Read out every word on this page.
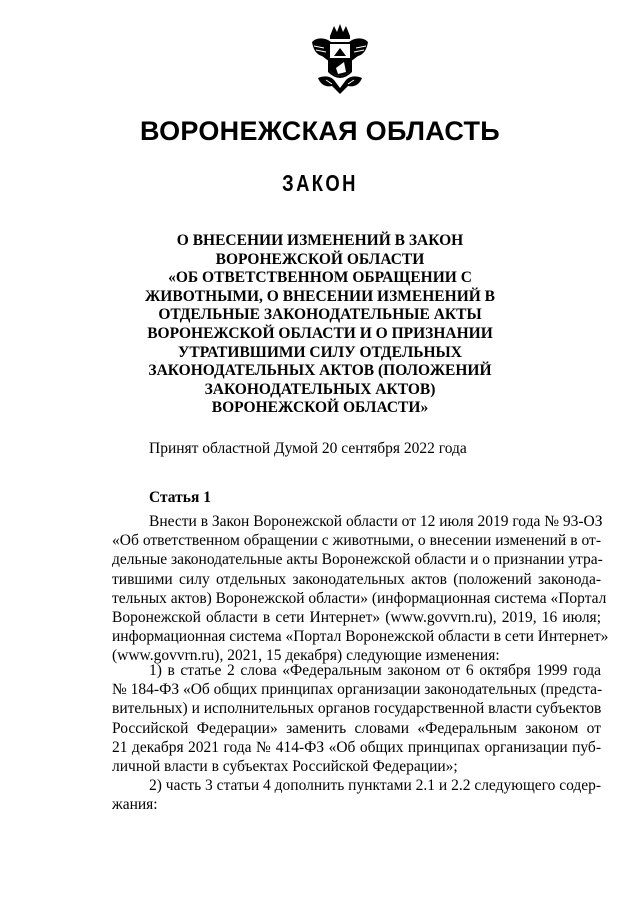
ВОРОНЕЖСКАЯ ОБЛАСТЬ
ЗАКОН
О ВНЕСЕНИИ ИЗМЕНЕНИЙ В ЗАКОН
ВОРОНЕЖСКОЙ ОБЛАСТИ
«ОБ ОТВЕТСТВЕННОМ ОБРАЩЕНИИ С
ЖИВОТНЫМИ, О ВНЕСЕНИИ ИЗМЕНЕНИЙ В
ОТДЕЛЬНЫЕ ЗАКОНОДАТЕЛЬНЫЕ АКТЫ
ВОРОНЕЖСКОЙ ОБЛАСТИ И О ПРИЗНАНИИ
УТРАТИВШИМИ СИЛУ ОТДЕЛЬНЫХ
ЗАКОНОДАТЕЛЬНЫХ АКТОВ (ПОЛОЖЕНИЙ
ЗАКОНОДАТЕЛЬНЫХ АКТОВ)
ВОРОНЕЖСКОЙ ОБЛАСТИ»
Принят областной Думой 20 сентября 2022 года
Статья 1
Внести в Закон Воронежской области от 12 июля 2019 года № 93-ОЗ
«Об ответственном обращении с животными, о внесении изменений в от-
дельные законодательные акты Воронежской области и о признании утра-
тившими силу отдельных законодательных актов (положений законода-
тельных актов) Воронежской области» (информационная система «Портал
Воронежской области в сети Интернет» (www.govvrn.ru), 2019, 16 июля;
информационная система «Портал Воронежской области в сети Интернет»
(www.govvrn.ru), 2021, 15 декабря) следующие изменения:
1) в статье 2 слова «Федеральным законом от 6 октября 1999 года
№ 184-ФЗ «Об общих принципах организации законодательных (предста-
вительных) и исполнительных органов государственной власти субъектов
Российской Федерации» заменить словами «Федеральным законом от
21 декабря 2021 года № 414-ФЗ «Об общих принципах организации пуб-
личной власти в субъектах Российской Федерации»;
2) часть 3 статьи 4 дополнить пунктами 2.1 и 2.2 следующего содер-
жания:
